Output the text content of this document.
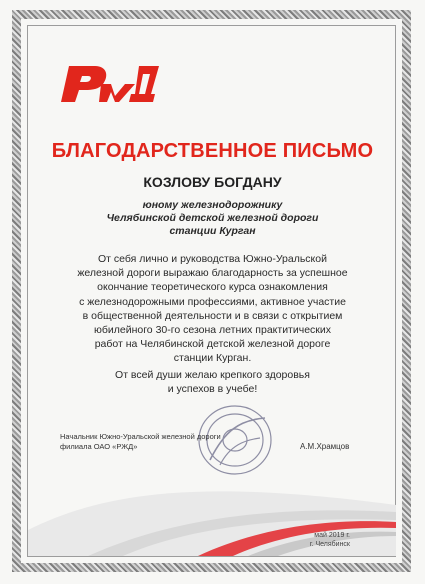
БЛАГОДАРСТВЕННОЕ ПИСЬМО
КОЗЛОВУ БОГДАНУ
юному железнодорожнику
Челябинской детской железной дороги
станции Курган
От себя лично и руководства Южно-Уральской
железной дороги выражаю благодарность за успешное
окончание теоретического курса ознакомления
с железнодорожными профессиями, активное участие
в общественной деятельности и в связи с открытием
юбилейного 30-го сезона летних практитических
работ на Челябинской детской железной дороге
станции Курган.
От всей души желаю крепкого здоровья
и успехов в учебе!
Начальник Южно-Уральской железной дороги
филиала ОАО «РЖД»	А.М.Храмцов
май 2019 г.
г. Челябинск
